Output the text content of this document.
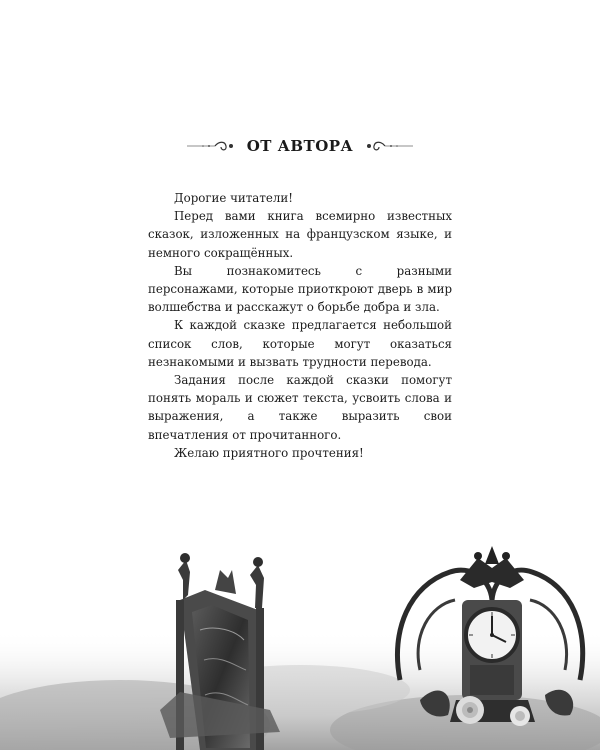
ОТ АВТОРА

Дорогие читатели!

Перед вами книга всемирно известных сказок, изложенных на французском языке, и немного сокращённых.

Вы познакомитесь с разными персонажами, которые приоткроют дверь в мир волшебства и расскажут о борьбе добра и зла.

К каждой сказке предлагается небольшой список слов, которые могут оказаться незнакомыми и вызвать трудности перевода.

Задания после каждой сказки помогут понять мораль и сюжет текста, усвоить слова и выражения, а также выразить свои впечатления от прочитанного.

Желаю приятного прочтения!
